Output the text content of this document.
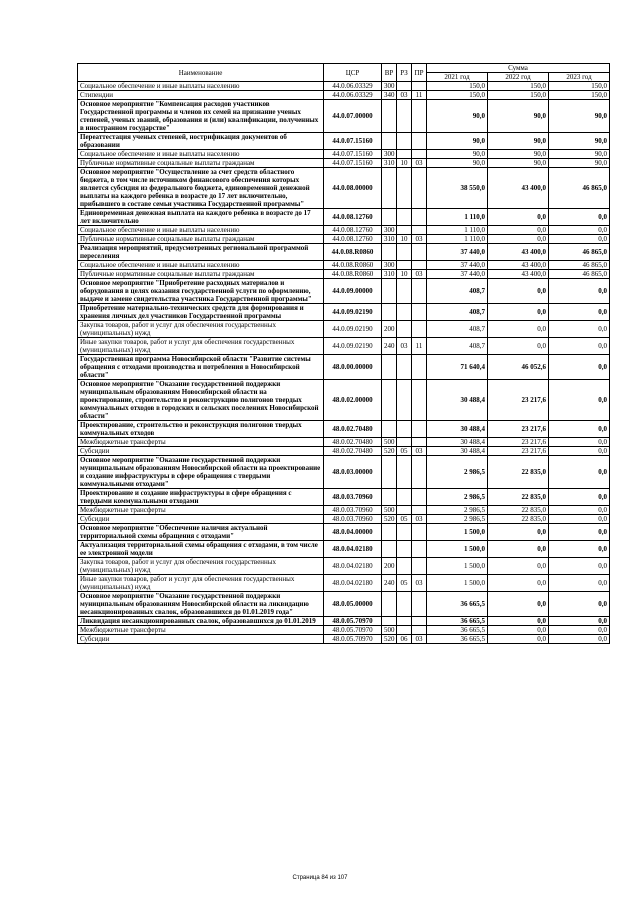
Наименование	ЦСР	ВР	РЗ	ПР	Сумма		
					2021 год	2022 год	2023 год
Социальное обеспечение и иные выплаты населению	44.0.06.03329	300			150,0	150,0	150,0
Стипендии	44.0.06.03329	340	03	11	150,0	150,0	150,0
Основное мероприятие "Компенсация расходов участников Государственной программы и членов их семей на признание ученых степеней, ученых званий, образования и (или) квалификации, полученных в иностранном государстве"	44.0.07.00000				90,0	90,0	90,0
Переаттестация ученых степеней, нострификация документов об образовании	44.0.07.15160				90,0	90,0	90,0
Социальное обеспечение и иные выплаты населению	44.0.07.15160	300			90,0	90,0	90,0
Публичные нормативные социальные выплаты гражданам	44.0.07.15160	310	10	03	90,0	90,0	90,0
Основное мероприятие "Осуществление за счет средств областного бюджета, в том числе источником финансового обеспечения которых является субсидия из федерального бюджета, единовременной денежной выплаты на каждого ребенка в возрасте до 17 лет включительно, прибывшего в составе семьи участника Государственной программы"	44.0.08.00000				38 550,0	43 400,0	46 865,0
Единовременная денежная выплата на каждого ребенка в возрасте до 17 лет включительно	44.0.08.12760				1 110,0	0,0	0,0
Социальное обеспечение и иные выплаты населению	44.0.08.12760	300			1 110,0	0,0	0,0
Публичные нормативные социальные выплаты гражданам	44.0.08.12760	310	10	03	1 110,0	0,0	0,0
Реализация мероприятий, предусмотренных региональной программой переселения	44.0.08.R0860				37 440,0	43 400,0	46 865,0
Социальное обеспечение и иные выплаты населению	44.0.08.R0860	300			37 440,0	43 400,0	46 865,0
Публичные нормативные социальные выплаты гражданам	44.0.08.R0860	310	10	03	37 440,0	43 400,0	46 865,0
Основное мероприятие "Приобретение расходных материалов и оборудования в целях оказания государственной услуги по оформлению, выдаче и замене свидетельства участника Государственной программы"	44.0.09.00000				408,7	0,0	0,0
Приобретение материально-технических средств для формирования и хранения личных дел участников Государственной программы	44.0.09.02190				408,7	0,0	0,0
Закупка товаров, работ и услуг для обеспечения государственных (муниципальных) нужд	44.0.09.02190	200			408,7	0,0	0,0
Иные закупки товаров, работ и услуг для обеспечения государственных (муниципальных) нужд	44.0.09.02190	240	03	11	408,7	0,0	0,0
Государственная программа Новосибирской области "Развитие системы обращения с отходами производства и потребления в Новосибирской области"	48.0.00.00000				71 640,4	46 052,6	0,0
Основное мероприятие "Оказание государственной поддержки муниципальным образованиям Новосибирской области на проектирование, строительство и реконструкцию полигонов твердых коммунальных отходов в городских и сельских поселениях Новосибирской области"	48.0.02.00000				30 488,4	23 217,6	0,0
Проектирование, строительство и реконструкция полигонов твердых коммунальных отходов	48.0.02.70480				30 488,4	23 217,6	0,0
Межбюджетные трансферты	48.0.02.70480	500			30 488,4	23 217,6	0,0
Субсидии	48.0.02.70480	520	05	03	30 488,4	23 217,6	0,0
Основное мероприятие "Оказание государственной поддержки муниципальным образованиям Новосибирской области на проектирование и создание инфраструктуры в сфере обращения с твердыми коммунальными отходами"	48.0.03.00000				2 986,5	22 835,0	0,0
Проектирование и создание инфраструктуры в сфере обращения с твердыми коммунальными отходами	48.0.03.70960				2 986,5	22 835,0	0,0
Межбюджетные трансферты	48.0.03.70960	500			2 986,5	22 835,0	0,0
Субсидии	48.0.03.70960	520	05	03	2 986,5	22 835,0	0,0
Основное мероприятие "Обеспечение наличия актуальной территориальной схемы обращения с отходами"	48.0.04.00000				1 500,0	0,0	0,0
Актуализация территориальной схемы обращения с отходами, в том числе ее электронной модели	48.0.04.02180				1 500,0	0,0	0,0
Закупка товаров, работ и услуг для обеспечения государственных (муниципальных) нужд	48.0.04.02180	200			1 500,0	0,0	0,0
Иные закупки товаров, работ и услуг для обеспечения государственных (муниципальных) нужд	48.0.04.02180	240	05	03	1 500,0	0,0	0,0
Основное мероприятие "Оказание государственной поддержки муниципальным образованиям Новосибирской области на ликвидацию несанкционированных свалок, образовавшихся до 01.01.2019 года"	48.0.05.00000				36 665,5	0,0	0,0
Ликвидация несанкционированных свалок, образовавшихся до 01.01.2019	48.0.05.70970				36 665,5	0,0	0,0
Межбюджетные трансферты	48.0.05.70970	500			36 665,5	0,0	0,0
Субсидии	48.0.05.70970	520	06	03	36 665,5	0,0	0,0
Страница 84 из 107
